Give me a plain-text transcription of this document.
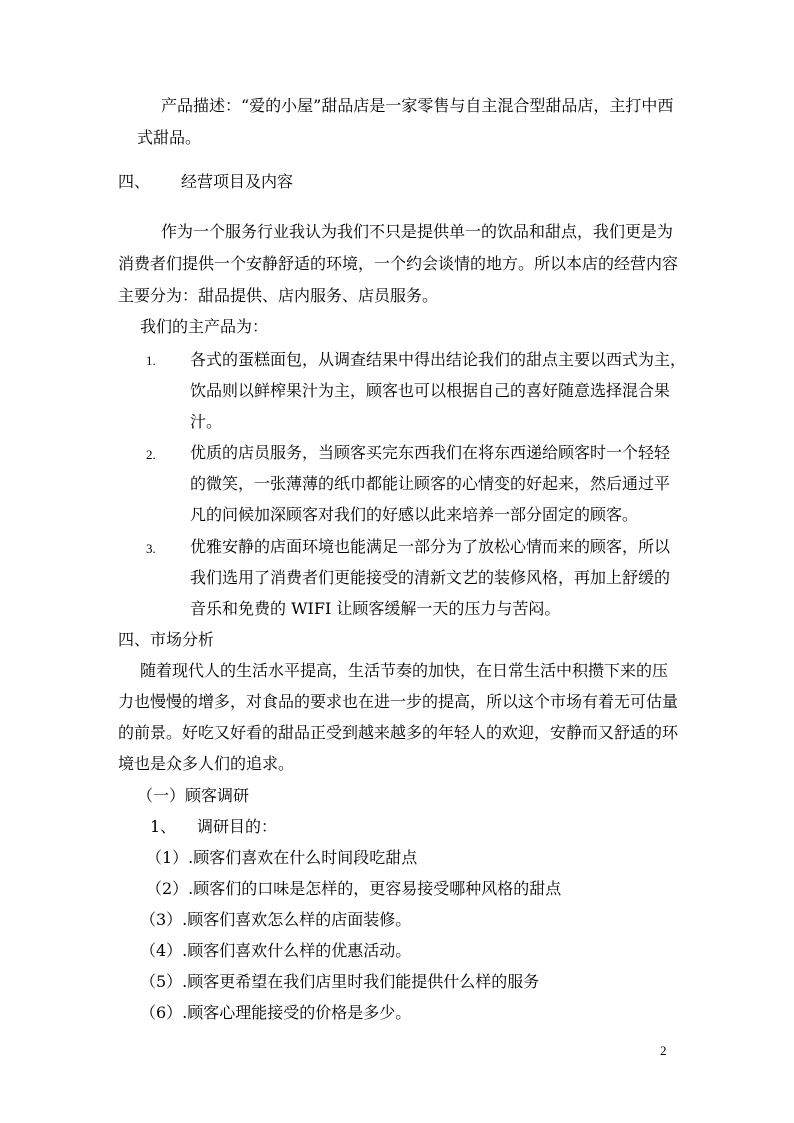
产品描述：“爱的小屋”甜品店是一家零售与自主混合型甜品店，主打中西
式甜品。
四、 经营项目及内容
作为一个服务行业我认为我们不只是提供单一的饮品和甜点，我们更是为
消费者们提供一个安静舒适的环境，一个约会谈情的地方。所以本店的经营内容
主要分为：甜品提供、店内服务、店员服务。
我们的主产品为：
1. 各式的蛋糕面包，从调查结果中得出结论我们的甜点主要以西式为主，
饮品则以鲜榨果汁为主，顾客也可以根据自己的喜好随意选择混合果
汁。
2. 优质的店员服务，当顾客买完东西我们在将东西递给顾客时一个轻轻
的微笑，一张薄薄的纸巾都能让顾客的心情变的好起来，然后通过平
凡的问候加深顾客对我们的好感以此来培养一部分固定的顾客。
3. 优雅安静的店面环境也能满足一部分为了放松心情而来的顾客，所以
我们选用了消费者们更能接受的清新文艺的装修风格，再加上舒缓的
音乐和免费的 WIFI 让顾客缓解一天的压力与苦闷。
四、市场分析
随着现代人的生活水平提高，生活节奏的加快，在日常生活中积攒下来的压
力也慢慢的增多，对食品的要求也在进一步的提高，所以这个市场有着无可估量
的前景。好吃又好看的甜品正受到越来越多的年轻人的欢迎，安静而又舒适的环
境也是众多人们的追求。
（一）顾客调研
1、 调研目的：
（1）.顾客们喜欢在什么时间段吃甜点
（2）.顾客们的口味是怎样的，更容易接受哪种风格的甜点
（3）.顾客们喜欢怎么样的店面装修。
（4）.顾客们喜欢什么样的优惠活动。
（5）.顾客更希望在我们店里时我们能提供什么样的服务
（6）.顾客心理能接受的价格是多少。
2
